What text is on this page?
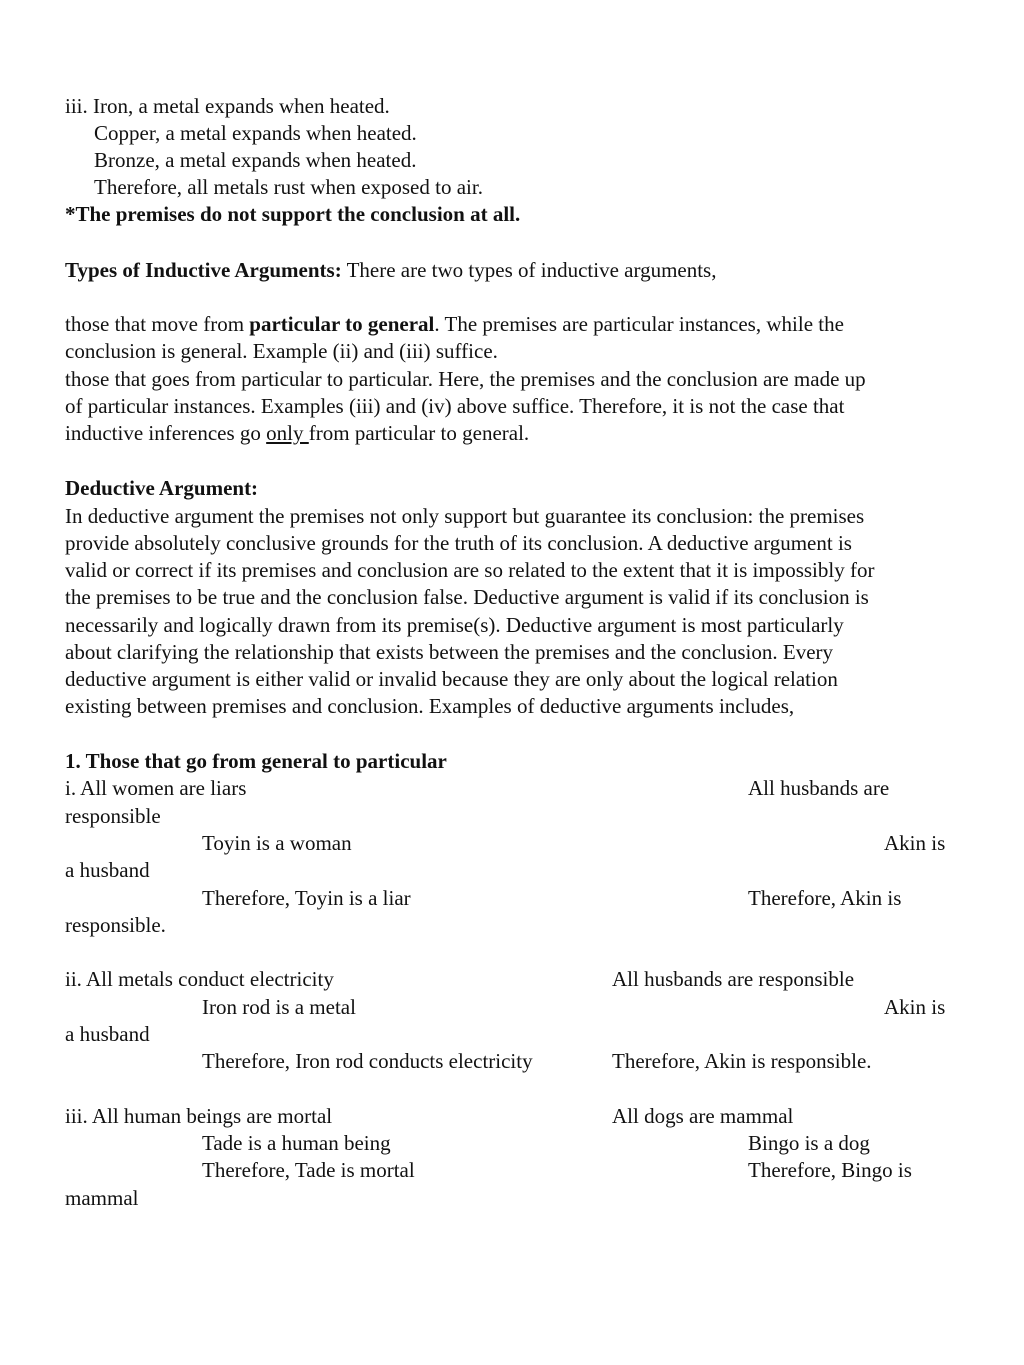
iii. Iron, a metal expands when heated.
Copper, a metal expands when heated.
Bronze, a metal expands when heated.
Therefore, all metals rust when exposed to air.
*The premises do not support the conclusion at all.
Types of Inductive Arguments: There are two types of inductive arguments,
those that move from particular to general. The premises are particular instances, while the
conclusion is general. Example (ii) and (iii) suffice.
those that goes from particular to particular. Here, the premises and the conclusion are made up
of particular instances. Examples (iii) and (iv) above suffice. Therefore, it is not the case that
inductive inferences go only from particular to general.
Deductive Argument:
In deductive argument the premises not only support but guarantee its conclusion: the premises
provide absolutely conclusive grounds for the truth of its conclusion. A deductive argument is
valid or correct if its premises and conclusion are so related to the extent that it is impossibly for
the premises to be true and the conclusion false. Deductive argument is valid if its conclusion is
necessarily and logically drawn from its premise(s). Deductive argument is most particularly
about clarifying the relationship that exists between the premises and the conclusion. Every
deductive argument is either valid or invalid because they are only about the logical relation
existing between premises and conclusion. Examples of deductive arguments includes,
1. Those that go from general to particular
i. All women are liars	All husbands are
responsible
Toyin is a woman	Akin is
a husband
Therefore, Toyin is a liar	Therefore, Akin is
responsible.
ii. All metals conduct electricity	All husbands are responsible
Iron rod is a metal	Akin is
a husband
Therefore, Iron rod conducts electricity	Therefore, Akin is responsible.
iii. All human beings are mortal	All dogs are mammal
Tade is a human being	Bingo is a dog
Therefore, Tade is mortal	Therefore, Bingo is
mammal
